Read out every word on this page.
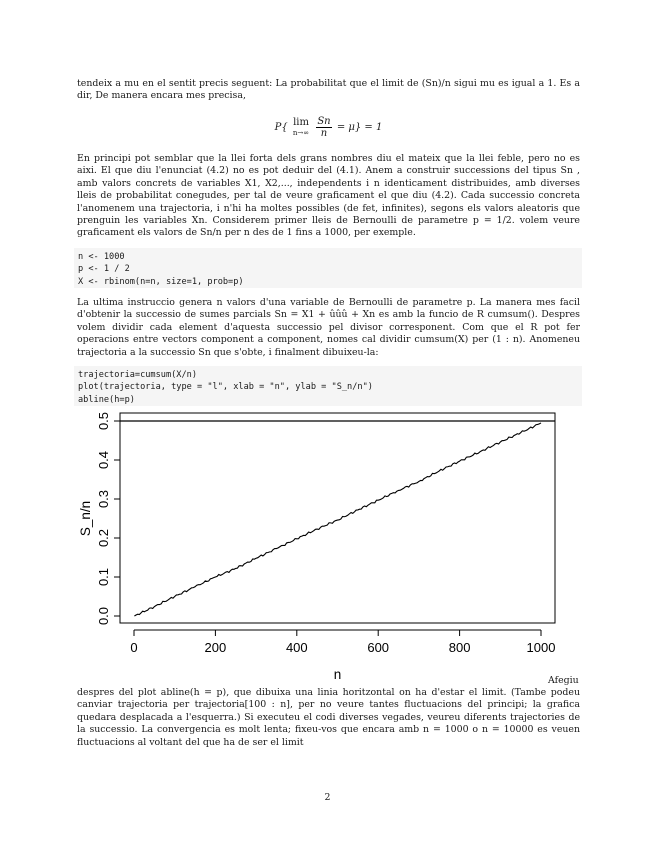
tendeix a mu en el sentit precis seguent: La probabilitat que el limit de (Sn)/n sigui mu es igual a 1. Es a dir, De manera encara mes precisa,

P{ lim
n→∞
$\frac{Sn}{n} = \mu\} = 1$

En principi pot semblar que la llei forta dels grans nombres diu el mateix que la llei feble, pero no es aixi. El que diu l'enunciat (4.2) no es pot deduir del (4.1). Anem a construir successions del tipus Sn , amb valors concrets de variables X1, X2,..., independents i n identicament distribuides, amb diverses lleis de probabilitat conegudes, per tal de veure graficament el que diu (4.2). Cada successio concreta l'anomenem una trajectoria, i n'hi ha moltes possibles (de fet, infinites), segons els valors aleatoris que prenguin les variables Xn. Considerem primer lleis de Bernoulli de parametre p = 1/2. volem veure graficament els valors de Sn/n per n des de 1 fins a 1000, per exemple.

n <- 1000
p <- 1 / 2
X <- rbinom(n=n, size=1, prob=p)

La ultima instruccio genera n valors d'una variable de Bernoulli de parametre p. La manera mes facil d'obtenir la successio de sumes parcials Sn = X1 + ûûû + Xn es amb la funcio de R cumsum(). Despres volem dividir cada element d'aquesta successio pel divisor corresponent. Com que el R pot fer operacions entre vectors component a component, nomes cal dividir cumsum(X) per (1 : n). Anomeneu trajectoria a la successio Sn que s'obte, i finalment dibuixeu-la:

trajectoria=cumsum(X/n)
plot(trajectoria, type = "l", xlab = "n", ylab = "S_n/n")
abline(h=p)
0	200	400	600	800	1000
0.0
0.1
0.2
0.3
0.4
0.5
n
S_n/n
Afegiu

despres del plot abline(h = p), que dibuixa una linia horitzontal on ha d'estar el limit. (Tambe podeu canviar trajectoria per trajectoria[100 : n], per no veure tantes fluctuacions del principi; la grafica quedara desplacada a l'esquerra.) Si executeu el codi diverses vegades, veureu diferents trajectories de la successio. La convergencia es molt lenta; fixeu-vos que encara amb n = 1000 o n = 10000 es veuen fluctuacions al voltant del que ha de ser el limit

2
